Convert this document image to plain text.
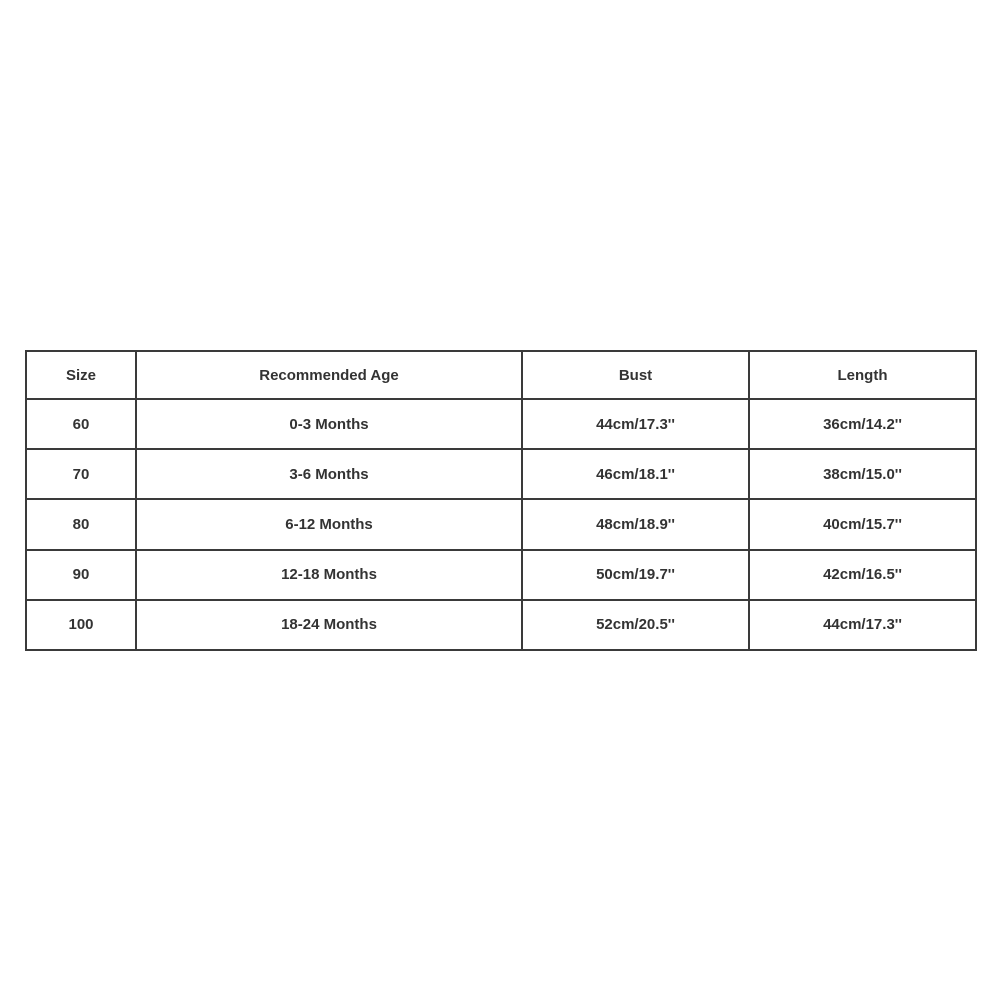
Size	Recommended Age	Bust	Length
60	0-3 Months	44cm/17.3''	36cm/14.2''
70	3-6 Months	46cm/18.1''	38cm/15.0''
80	6-12 Months	48cm/18.9''	40cm/15.7''
90	12-18 Months	50cm/19.7''	42cm/16.5''
100	18-24 Months	52cm/20.5''	44cm/17.3''
